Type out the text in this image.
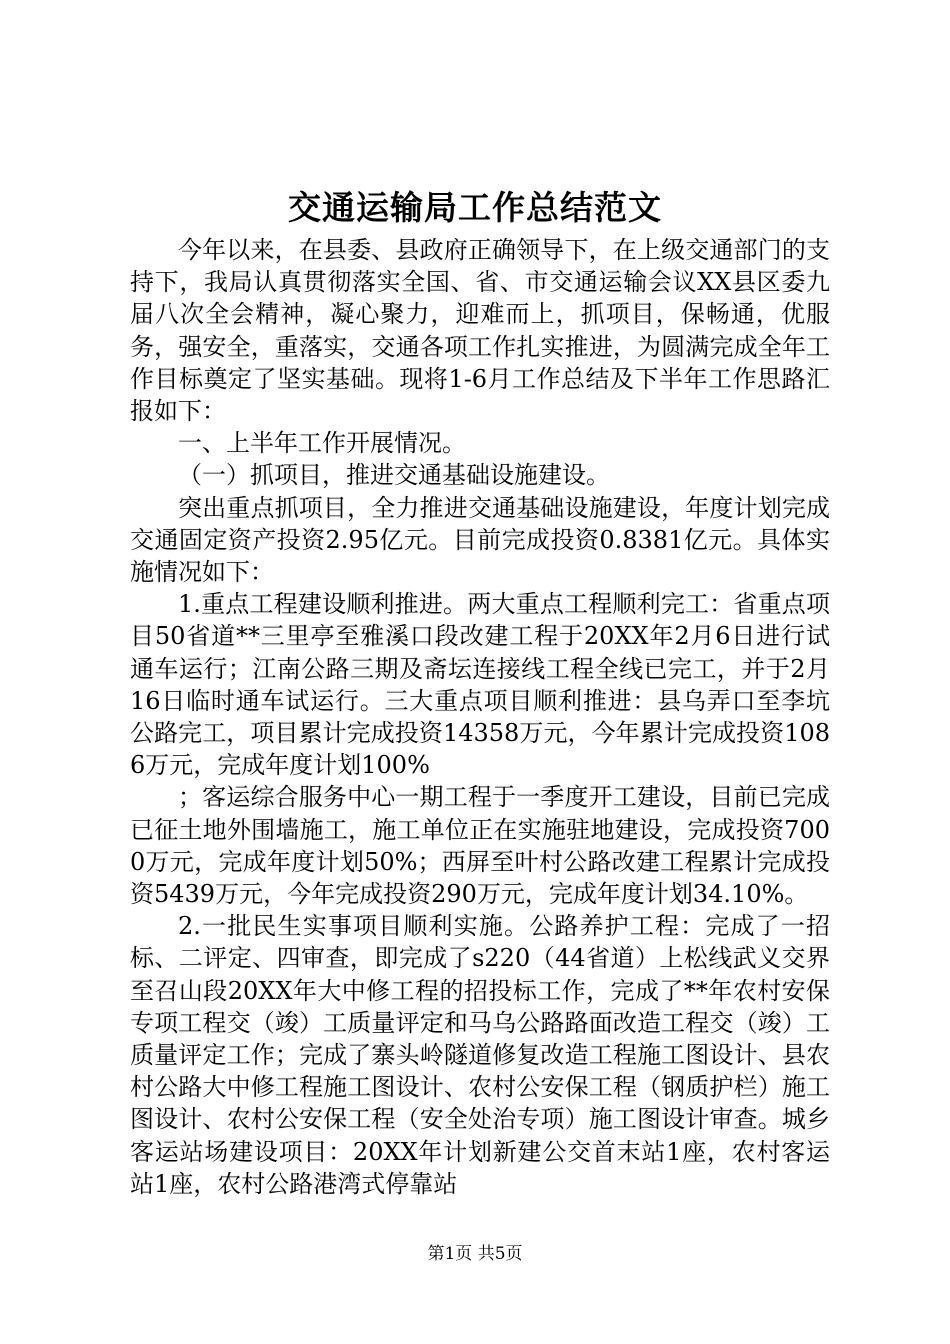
交通运输局工作总结范文

今年以来，在县委、县政府正确领导下，在上级交通部门的支持下，我局认真贯彻落实全国、省、市交通运输会议XX县区委九届八次全会精神，凝心聚力，迎难而上，抓项目，保畅通，优服务，强安全，重落实，交通各项工作扎实推进，为圆满完成全年工作目标奠定了坚实基础。现将1-6月工作总结及下半年工作思路汇报如下：

一、上半年工作开展情况。

（一）抓项目，推进交通基础设施建设。

突出重点抓项目，全力推进交通基础设施建设，年度计划完成交通固定资产投资2.95亿元。目前完成投资0.8381亿元。具体实施情况如下：

1.重点工程建设顺利推进。两大重点工程顺利完工：省重点项目50省道**三里亭至雅溪口段改建工程于20XX年2月6日进行试通车运行；江南公路三期及斋坛连接线工程全线已完工，并于2月16日临时通车试运行。三大重点项目顺利推进：县乌弄口至李坑公路完工，项目累计完成投资14358万元，今年累计完成投资1086万元，完成年度计划100%

；客运综合服务中心一期工程于一季度开工建设，目前已完成已征土地外围墙施工，施工单位正在实施驻地建设，完成投资7000万元，完成年度计划50%；西屏至叶村公路改建工程累计完成投资5439万元，今年完成投资290万元，完成年度计划34.10%。

2.一批民生实事项目顺利实施。公路养护工程：完成了一招标、二评定、四审查，即完成了s220（44省道）上松线武义交界至召山段20XX年大中修工程的招投标工作，完成了**年农村安保专项工程交（竣）工质量评定和马乌公路路面改造工程交（竣）工质量评定工作；完成了寨头岭隧道修复改造工程施工图设计、县农村公路大中修工程施工图设计、农村公安保工程（钢质护栏）施工图设计、农村公安保工程（安全处治专项）施工图设计审查。城乡客运站场建设项目：20XX年计划新建公交首末站1座，农村客运站1座，农村公路港湾式停靠站

第1页 共5页
